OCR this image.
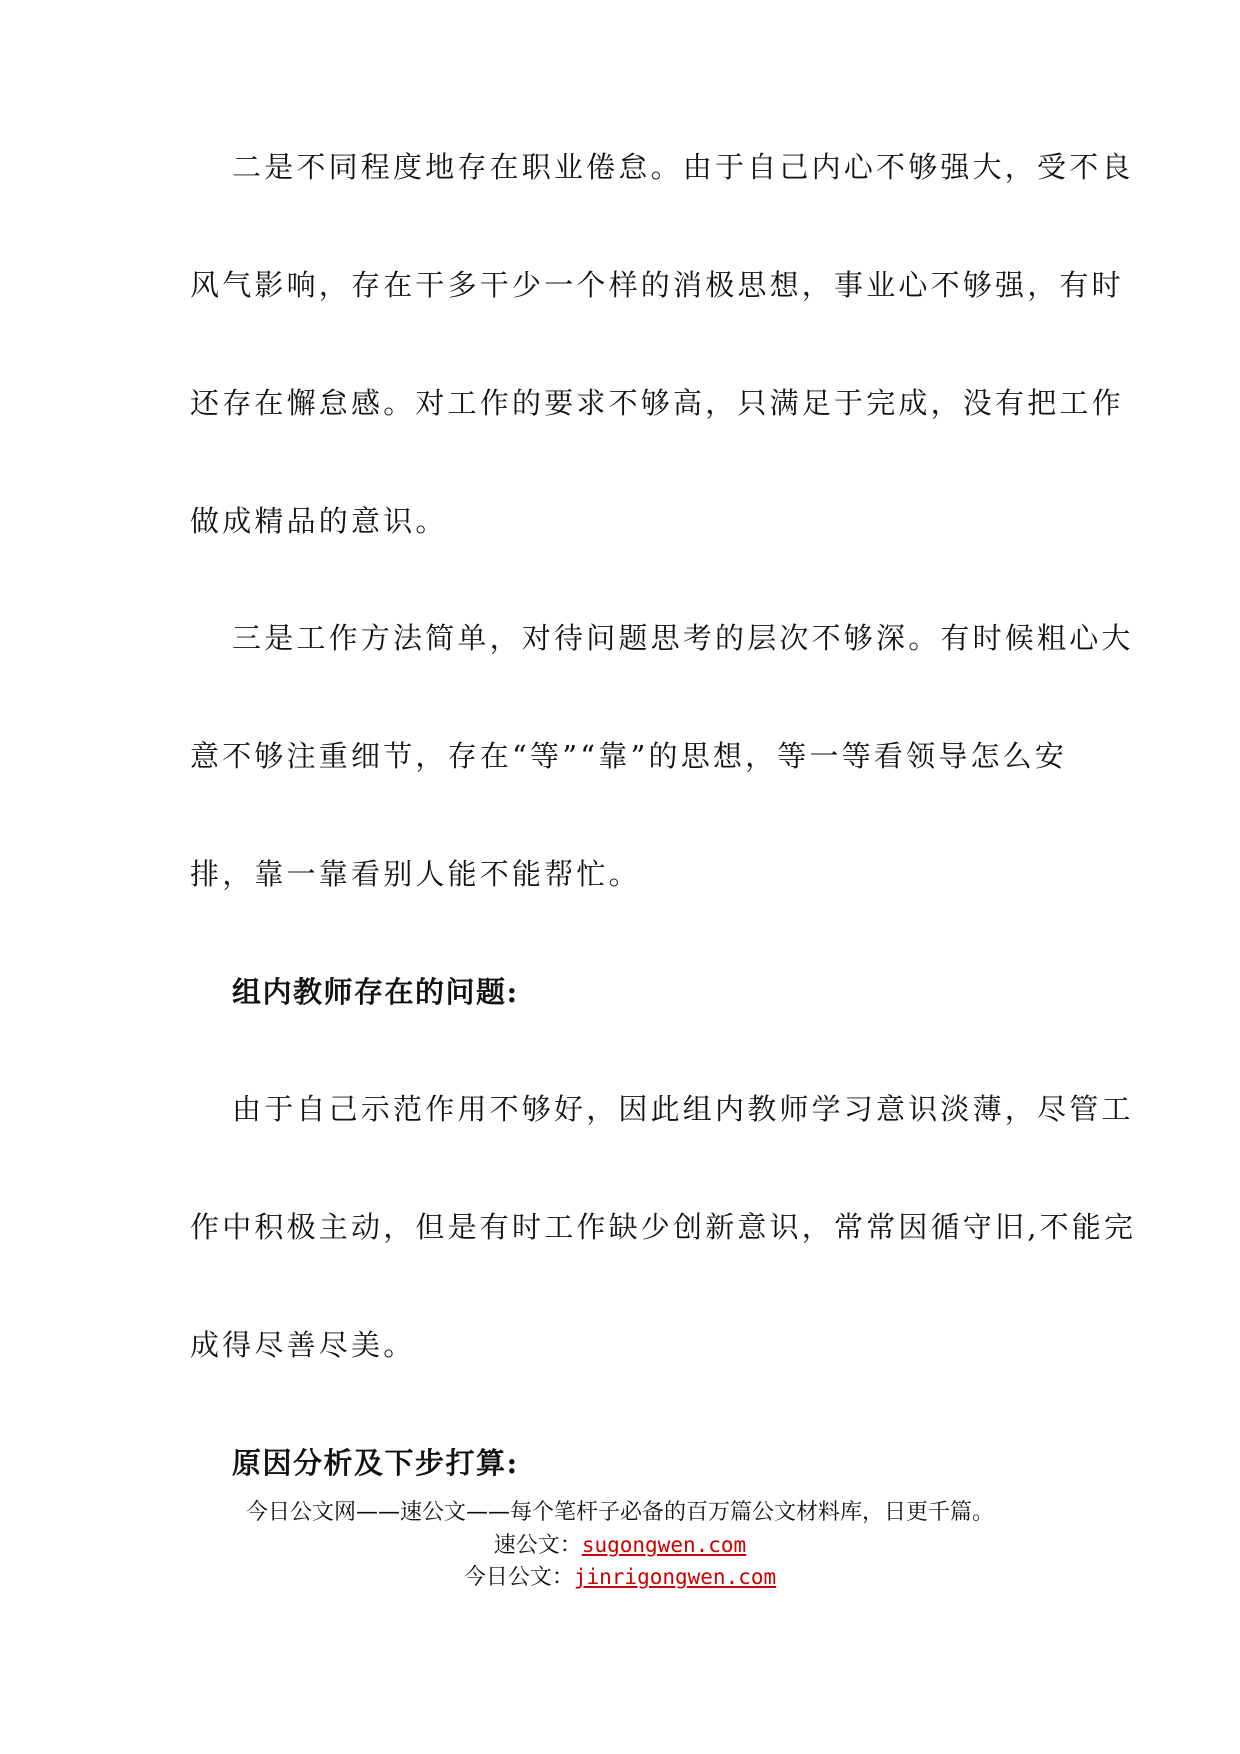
二是不同程度地存在职业倦怠。由于自己内心不够强大，受不良
风气影响，存在干多干少一个样的消极思想，事业心不够强，有时
还存在懈怠感。对工作的要求不够高，只满足于完成，没有把工作
做成精品的意识。
三是工作方法简单，对待问题思考的层次不够深。有时候粗心大
意不够注重细节，存在“等”“靠”的思想，等一等看领导怎么安
排，靠一靠看别人能不能帮忙。
组内教师存在的问题:
由于自己示范作用不够好，因此组内教师学习意识淡薄，尽管工
作中积极主动，但是有时工作缺少创新意识，常常因循守旧,不能完
成得尽善尽美。
原因分析及下步打算:
今日公文网——速公文——每个笔杆子必备的百万篇公文材料库，日更千篇。
速公文：sugongwen.com
今日公文：jinrigongwen.com
